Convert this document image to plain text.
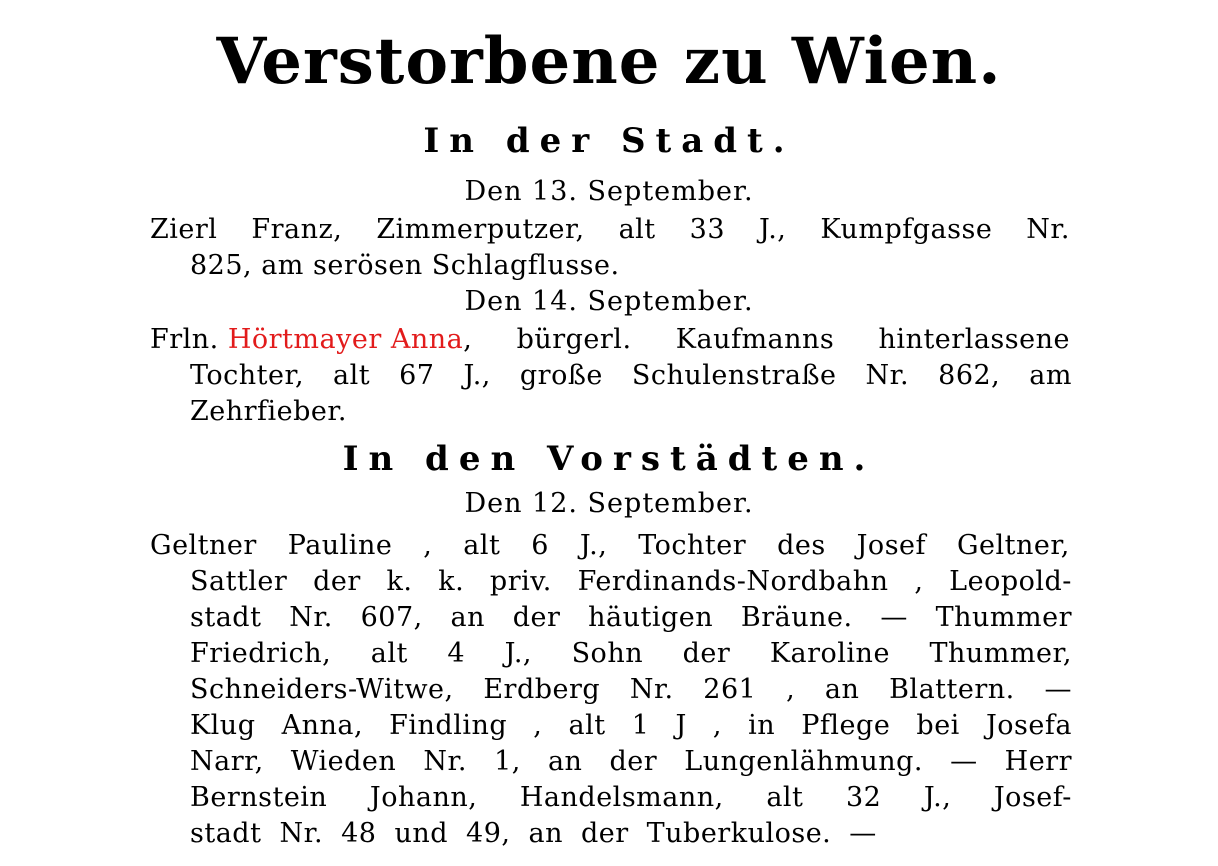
Verstorbene zu Wien.
In der Stadt.
Den 13. September.
Zierl Franz, Zimmerputzer, alt 33 J., Kumpfgasse Nr.
825, am serösen Schlagflusse.
Den 14. September.
Frln. Hörtmayer Anna, bürgerl. Kaufmanns hinterlassene
Tochter, alt 67 J., große Schulenstraße Nr. 862, am
Zehrfieber.
In den Vorstädten.
Den 12. September.
Geltner Pauline , alt 6 J., Tochter des Josef Geltner,
Sattler der k. k. priv. Ferdinands-Nordbahn , Leopold-
stadt Nr. 607, an der häutigen Bräune. — Thummer
Friedrich, alt 4 J., Sohn der Karoline Thummer,
Schneiders-Witwe, Erdberg Nr. 261 , an Blattern. —
Klug Anna, Findling , alt 1 J , in Pflege bei Josefa
Narr, Wieden Nr. 1, an der Lungenlähmung. — Herr
Bernstein Johann, Handelsmann, alt 32 J., Josef-
stadt Nr. 48 und 49, an der Tuberkulose. —
